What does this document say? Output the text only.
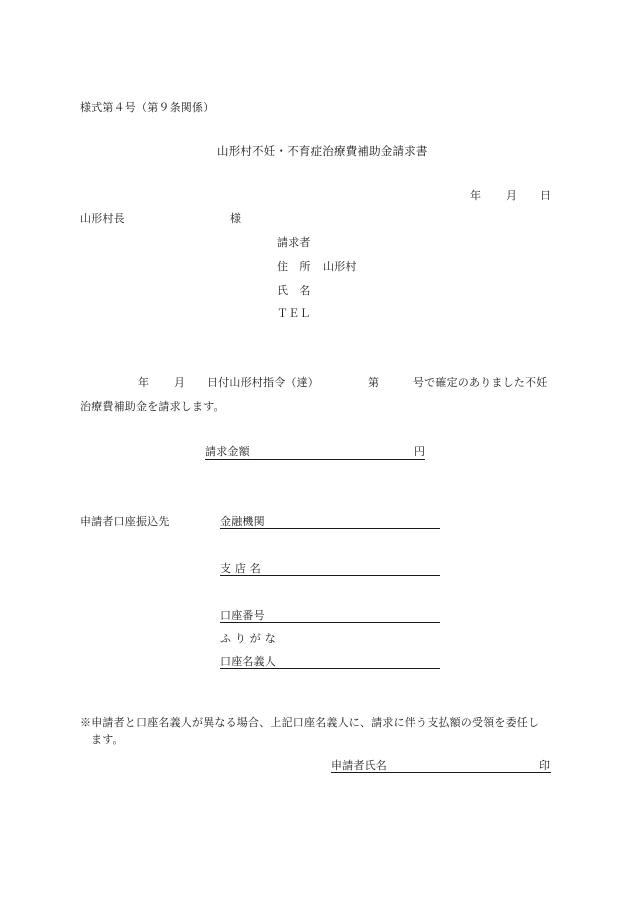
様式第４号（第９条関係）
山形村不妊・不育症治療費補助金請求書
年 月 日
山形村長	様
請求者
住　所 山形村
氏　名
ＴＥＬ
年 月 日付山形村指令（達）	第	号で確定のありました不妊
治療費補助金を請求します。
請求金額	円
申請者口座振込先	金融機関
支 店 名
口座番号
ふ り が な
口座名義人
※申請者と口座名義人が異なる場合、上記口座名義人に、請求に伴う支払額の受領を委任し
ます。
申請者氏名	印
